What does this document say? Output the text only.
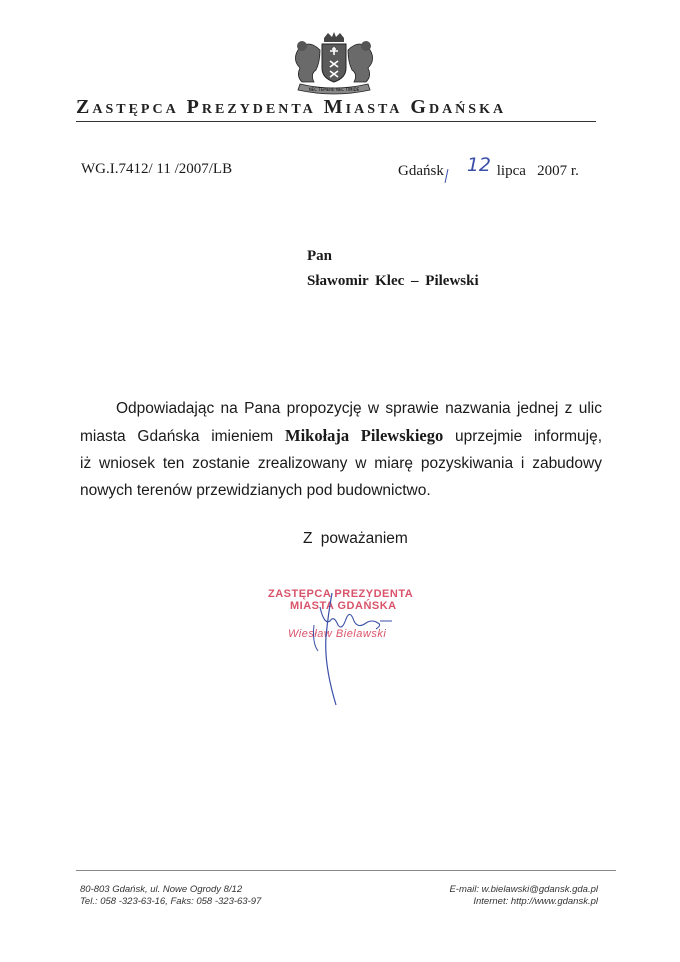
NEC TEMERE NEC TIMIDE
Zastępca Prezydenta Miasta Gdańska
WG.I.7412/ 11 /2007/LB	Gdańsk 12 lipca   2007 r.
Pan
Sławomir Klec – Pilewski
Odpowiadając na Pana propozycję w sprawie nazwania jednej z ulic
miasta Gdańska imieniem Mikołaja Pilewskiego uprzejmie informuję,
iż wniosek ten zostanie zrealizowany w miarę pozyskiwania i zabudowy
nowych terenów przewidzianych pod budownictwo.
Z poważaniem
ZASTĘPCA PREZYDENTA
MIASTA GDAŃSKA
Wiesław Bielawski
80-803 Gdańsk, ul. Nowe Ogrody 8/12
Tel.: 058 -323-63-16, Faks: 058 -323-63-97
E-mail: w.bielawski@gdansk.gda.pl
Internet: http://www.gdansk.pl
